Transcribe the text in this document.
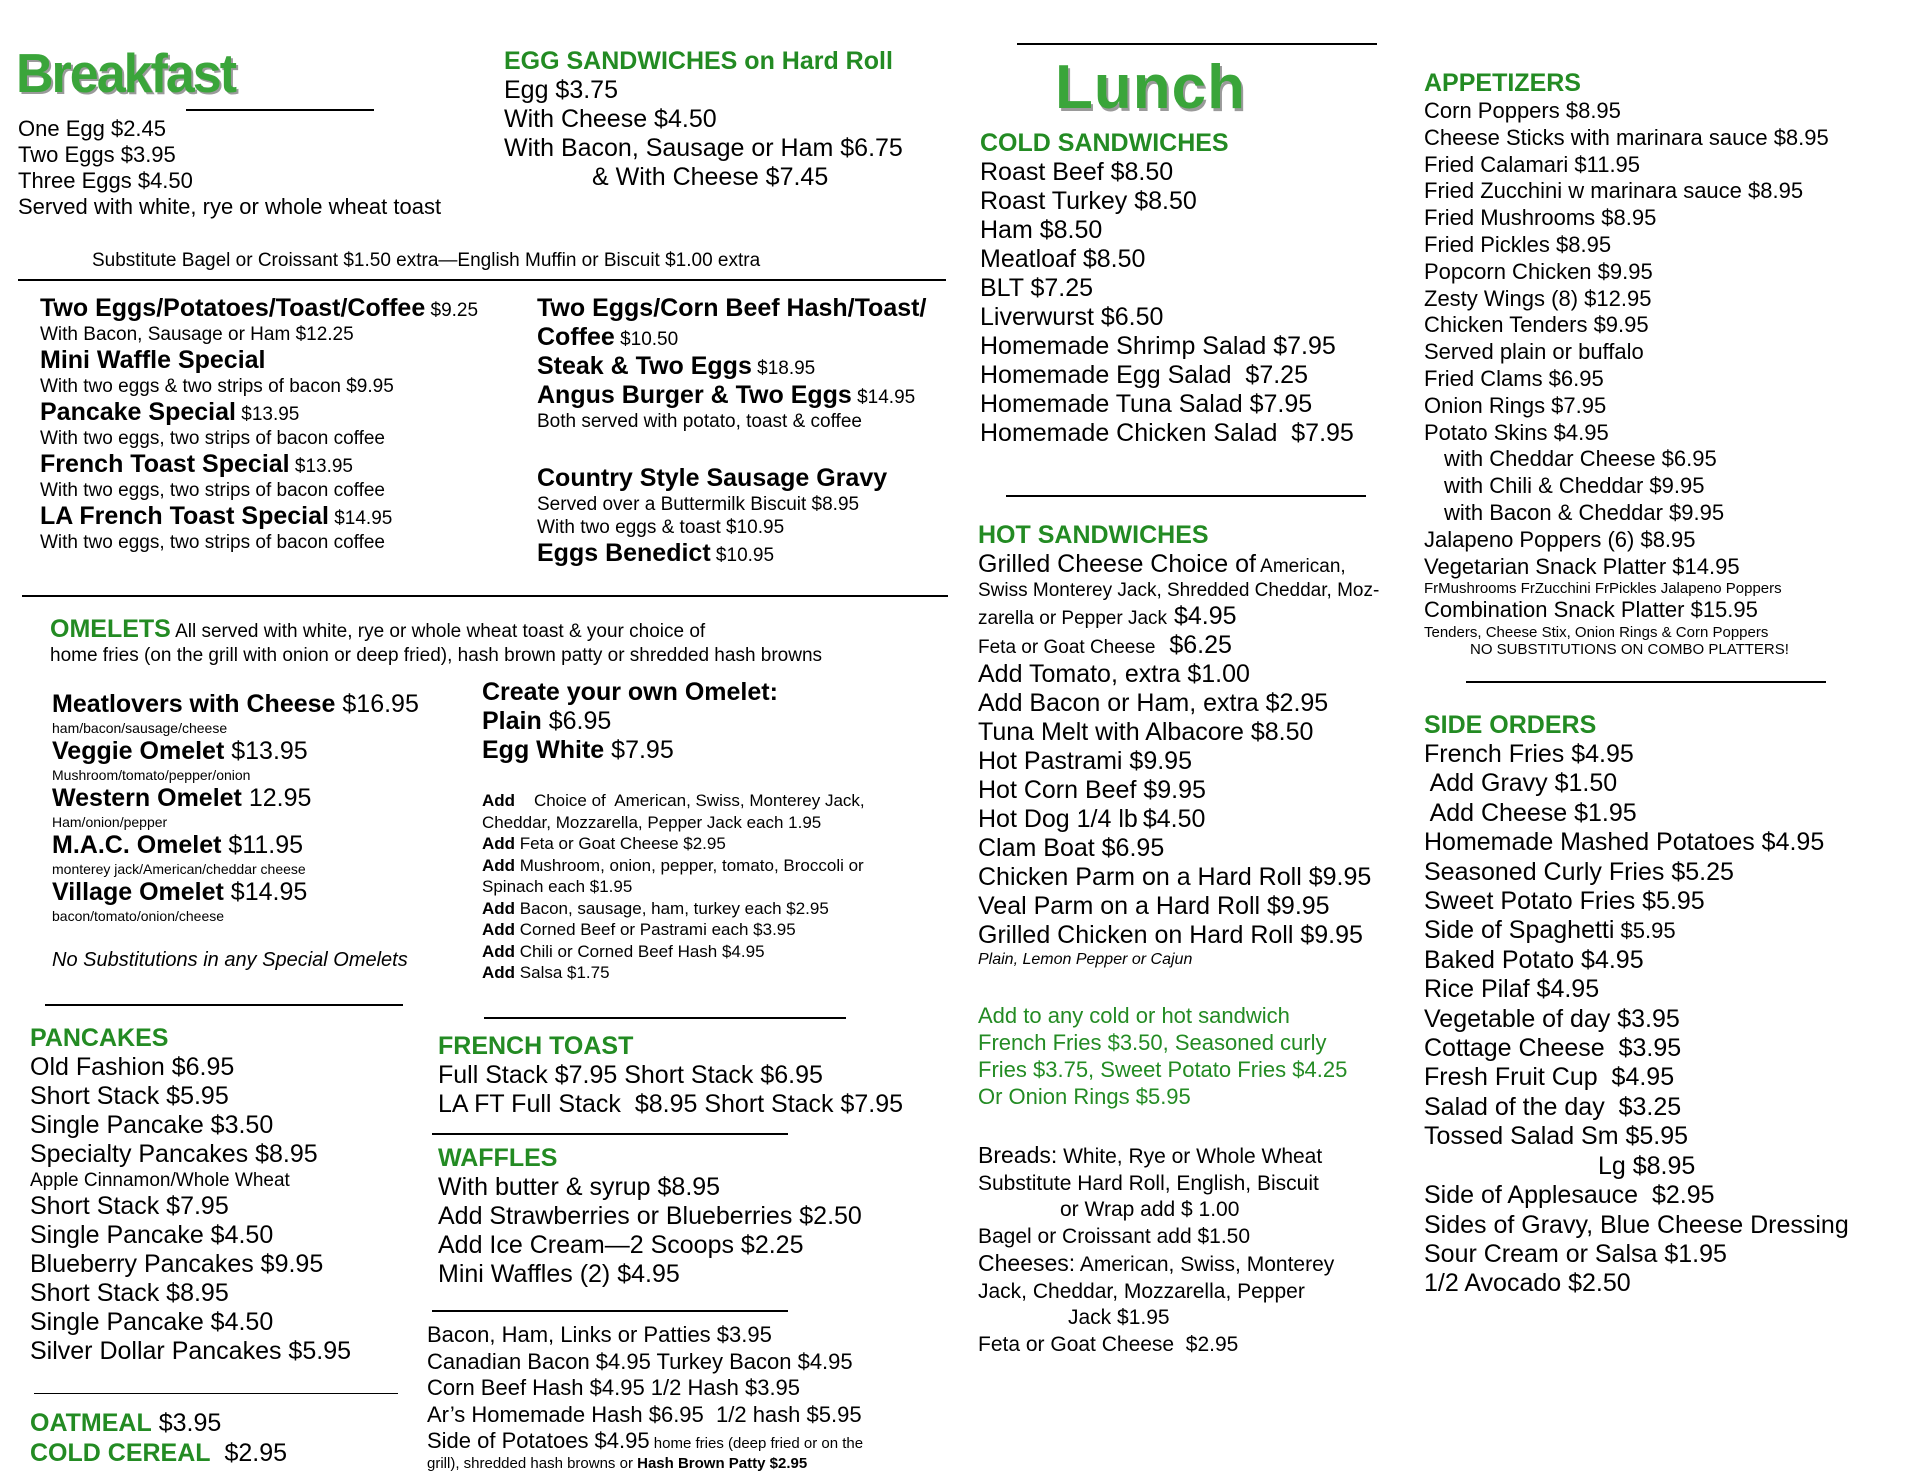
Breakfast
One Egg $2.45
Two Eggs $3.95
Three Eggs $4.50
Served with white, rye or whole wheat toast
Substitute Bagel or Croissant $1.50 extra—English Muffin or Biscuit $1.00 extra
EGG SANDWICHES on Hard Roll
Egg $3.75
With Cheese $4.50
With Bacon, Sausage or Ham $6.75
& With Cheese $7.45
Two Eggs/Potatoes/Toast/Coffee $9.25
With Bacon, Sausage or Ham $12.25
Mini Waffle Special
With two eggs & two strips of bacon $9.95
Pancake Special $13.95
With two eggs, two strips of bacon coffee
French Toast Special $13.95
With two eggs, two strips of bacon coffee
LA French Toast Special $14.95
With two eggs, two strips of bacon coffee
Two Eggs/Corn Beef Hash/Toast/
Coffee $10.50
Steak & Two Eggs $18.95
Angus Burger & Two Eggs $14.95
Both served with potato, toast & coffee
Country Style Sausage Gravy
Served over a Buttermilk Biscuit $8.95
With two eggs & toast $10.95
Eggs Benedict $10.95
OMELETS All served with white, rye or whole wheat toast & your choice of
home fries (on the grill with onion or deep fried), hash brown patty or shredded hash browns
Meatlovers with Cheese $16.95
ham/bacon/sausage/cheese
Veggie Omelet $13.95
Mushroom/tomato/pepper/onion
Western Omelet 12.95
Ham/onion/pepper
M.A.C. Omelet $11.95
monterey jack/American/cheddar cheese
Village Omelet $14.95
bacon/tomato/onion/cheese
No Substitutions in any Special Omelets
Create your own Omelet:
Plain $6.95
Egg White $7.95
Add    Choice of  American, Swiss, Monterey Jack,
Cheddar, Mozzarella, Pepper Jack each 1.95
Add Feta or Goat Cheese $2.95
Add Mushroom, onion, pepper, tomato, Broccoli or
Spinach each $1.95
Add Bacon, sausage, ham, turkey each $2.95
Add Corned Beef or Pastrami each $3.95
Add Chili or Corned Beef Hash $4.95
Add Salsa $1.75
PANCAKES
Old Fashion $6.95
Short Stack $5.95
Single Pancake $3.50
Specialty Pancakes $8.95
Apple Cinnamon/Whole Wheat
Short Stack $7.95
Single Pancake $4.50
Blueberry Pancakes $9.95
Short Stack $8.95
Single Pancake $4.50
Silver Dollar Pancakes $5.95
OATMEAL $3.95
COLD CEREAL  $2.95
FRENCH TOAST
Full Stack $7.95 Short Stack $6.95
LA FT Full Stack  $8.95 Short Stack $7.95
WAFFLES
With butter & syrup $8.95
Add Strawberries or Blueberries $2.50
Add Ice Cream—2 Scoops $2.25
Mini Waffles (2) $4.95
Bacon, Ham, Links or Patties $3.95
Canadian Bacon $4.95 Turkey Bacon $4.95
Corn Beef Hash $4.95 1/2 Hash $3.95
Ar’s Homemade Hash $6.95  1/2 hash $5.95
Side of Potatoes $4.95 home fries (deep fried or on the
grill), shredded hash browns or Hash Brown Patty $2.95
Lunch
COLD SANDWICHES
Roast Beef $8.50
Roast Turkey $8.50
Ham $8.50
Meatloaf $8.50
BLT $7.25
Liverwurst $6.50
Homemade Shrimp Salad $7.95
Homemade Egg Salad  $7.25
Homemade Tuna Salad $7.95
Homemade Chicken Salad  $7.95
HOT SANDWICHES
Grilled Cheese Choice of American,
Swiss Monterey Jack, Shredded Cheddar, Moz-
zarella or Pepper Jack $4.95
Feta or Goat Cheese  $6.25
Add Tomato, extra $1.00
Add Bacon or Ham, extra $2.95
Tuna Melt with Albacore $8.50
Hot Pastrami $9.95
Hot Corn Beef $9.95
Hot Dog 1/4 lb $4.50
Clam Boat $6.95
Chicken Parm on a Hard Roll $9.95
Veal Parm on a Hard Roll $9.95
Grilled Chicken on Hard Roll $9.95
Plain, Lemon Pepper or Cajun
Add to any cold or hot sandwich
French Fries $3.50, Seasoned curly
Fries $3.75, Sweet Potato Fries $4.25
Or Onion Rings $5.95
Breads: White, Rye or Whole Wheat
Substitute Hard Roll, English, Biscuit
or Wrap add $ 1.00
Bagel or Croissant add $1.50
Cheeses: American, Swiss, Monterey
Jack, Cheddar, Mozzarella, Pepper
Jack $1.95
Feta or Goat Cheese  $2.95
APPETIZERS
Corn Poppers $8.95
Cheese Sticks with marinara sauce $8.95
Fried Calamari $11.95
Fried Zucchini w marinara sauce $8.95
Fried Mushrooms $8.95
Fried Pickles $8.95
Popcorn Chicken $9.95
Zesty Wings (8) $12.95
Chicken Tenders $9.95
Served plain or buffalo
Fried Clams $6.95
Onion Rings $7.95
Potato Skins $4.95
with Cheddar Cheese $6.95
with Chili & Cheddar $9.95
with Bacon & Cheddar $9.95
Jalapeno Poppers (6) $8.95
Vegetarian Snack Platter $14.95
FrMushrooms FrZucchini FrPickles Jalapeno Poppers
Combination Snack Platter $15.95
Tenders, Cheese Stix, Onion Rings & Corn Poppers
NO SUBSTITUTIONS ON COMBO PLATTERS!
SIDE ORDERS
French Fries $4.95
Add Gravy $1.50
Add Cheese $1.95
Homemade Mashed Potatoes $4.95
Seasoned Curly Fries $5.25
Sweet Potato Fries $5.95
Side of Spaghetti $5.95
Baked Potato $4.95
Rice Pilaf $4.95
Vegetable of day $3.95
Cottage Cheese  $3.95
Fresh Fruit Cup  $4.95
Salad of the day  $3.25
Tossed Salad Sm $5.95
Lg $8.95
Side of Applesauce  $2.95
Sides of Gravy, Blue Cheese Dressing
Sour Cream or Salsa $1.95
1/2 Avocado $2.50
